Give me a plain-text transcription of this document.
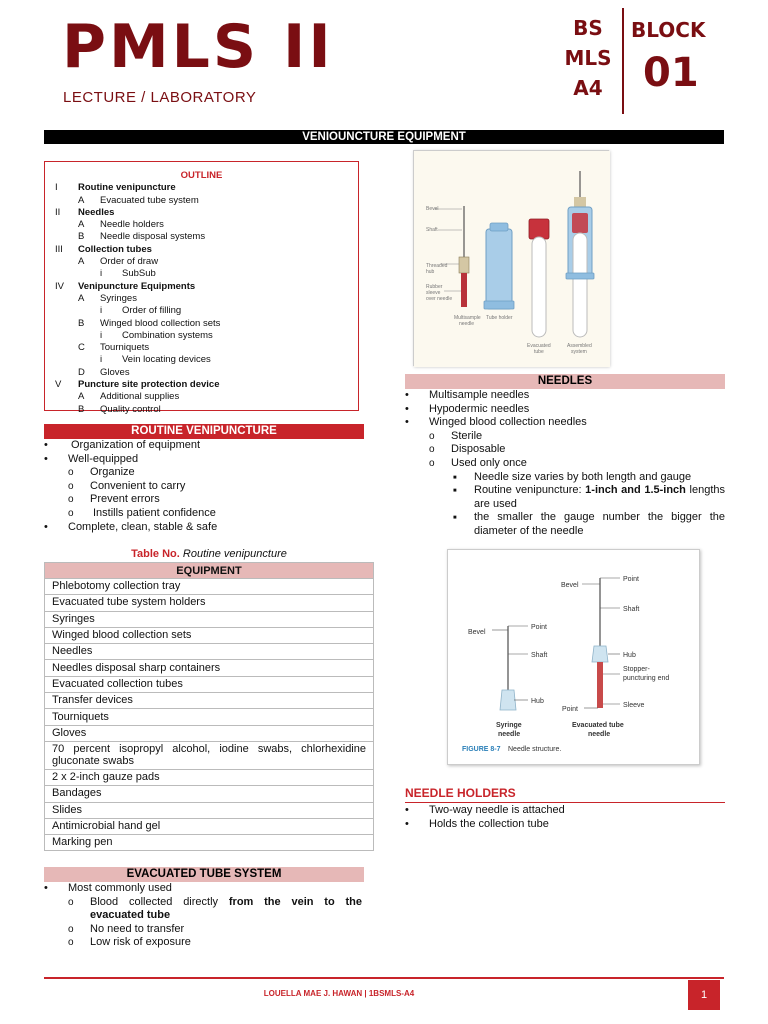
PMLS II
LECTURE / LABORATORY
BS
MLS
A4
BLOCK
01
VENIOUNCTURE EQUIPMENT
OUTLINE
I Routine venipuncture
A Evacuated tube system
II Needles
A Needle holders
B Needle disposal systems
III Collection tubes
A Order of draw
i SubSub
IV Venipuncture Equipments
A Syringes
i Order of filling
B Winged blood collection sets
i Combination systems
C Tourniquets
i Vein locating devices
D Gloves
V Puncture site protection device
A Additional supplies
B Quality control
ROUTINE VENIPUNCTURE
• Organization of equipment
• Well-equipped
o Organize
o Convenient to carry
o Prevent errors
o Instills patient confidence
• Complete, clean, stable & safe
Table No. Routine venipuncture
EQUIPMENT
Phlebotomy collection tray
Evacuated tube system holders
Syringes
Winged blood collection sets
Needles
Needles disposal sharp containers
Evacuated collection tubes
Transfer devices
Tourniquets
Gloves
70 percent isopropyl alcohol, iodine swabs, chlorhexidine gluconate swabs
2 x 2-inch gauze pads
Bandages
Slides
Antimicrobial hand gel
Marking pen
EVACUATED TUBE SYSTEM
• Most commonly used
o Blood collected directly from the vein to the evacuated tube
o No need to transfer
o Low risk of exposure
Bevel
Shaft
Threaded
hub
Rubber
sleeve
over needle
Multisample
needle
Tube holder
Evacuated
tube
Assembled
system
NEEDLES
• Multisample needles
• Hypodermic needles
• Winged blood collection needles
o Sterile
o Disposable
o Used only once
■ Needle size varies by both length and gauge
■ Routine venipuncture: 1-inch and 1.5-inch lengths are used
■ the smaller the gauge number the bigger the diameter of the needle
Bevel
Point
Shaft
Hub
Syringe
needle
Bevel
Point
Shaft
Hub
Stopper-
puncturing end
Sleeve
Point
Evacuated tube
needle
FIGURE 8-7 Needle structure.
NEEDLE HOLDERS
• Two-way needle is attached
• Holds the collection tube
LOUELLA MAE J. HAWAN | 1BSMLS-A4	1
